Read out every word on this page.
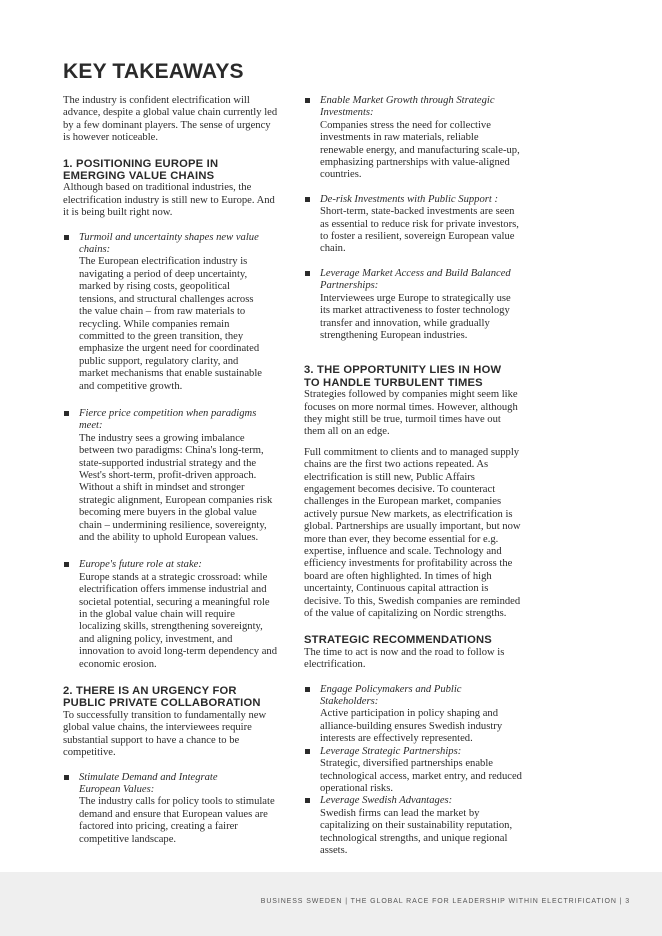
KEY TAKEAWAYS

The industry is confident electrification will advance, despite a global value chain currently led by a few dominant players. The sense of urgency is however noticeable.

1. POSITIONING EUROPE IN
EMERGING VALUE CHAINS

Although based on traditional industries, the electrification industry is still new to Europe. And it is being built right now.

Turmoil and uncertainty shapes new value chains:
The European electrification industry is navigating a period of deep uncertainty, marked by rising costs, geopolitical tensions, and structural challenges across the value chain – from raw materials to recycling. While companies remain committed to the green transition, they emphasize the urgent need for coordinated public support, regulatory clarity, and market mechanisms that enable sustainable and competitive growth.
Fierce price competition when paradigms meet:
The industry sees a growing imbalance between two paradigms: China's long-term, state-supported industrial strategy and the West's short-term, profit-driven approach. Without a shift in mindset and stronger strategic alignment, European companies risk becoming mere buyers in the global value chain – undermining resilience, sovereignty, and the ability to uphold European values.
Europe's future role at stake:
Europe stands at a strategic crossroad: while electrification offers immense industrial and societal potential, securing a meaningful role in the global value chain will require localizing skills, strengthening sovereignty, and aligning policy, investment, and innovation to avoid long-term dependency and economic erosion.
2. THERE IS AN URGENCY FOR
PUBLIC PRIVATE COLLABORATION

To successfully transition to fundamentally new global value chains, the interviewees require substantial support to have a chance to be competitive.

Stimulate Demand and Integrate European Values:
The industry calls for policy tools to stimulate demand and ensure that European values are factored into pricing, creating a fairer competitive landscape.
Enable Market Growth through Strategic Investments:
Companies stress the need for collective investments in raw materials, reliable renewable energy, and manufacturing scale-up, emphasizing partnerships with value-aligned countries.
De-risk Investments with Public Support :
Short-term, state-backed investments are seen as essential to reduce risk for private investors, to foster a resilient, sovereign European value chain.
Leverage Market Access and Build Balanced Partnerships:
Interviewees urge Europe to strategically use its market attractiveness to foster technology transfer and innovation, while gradually strengthening European industries.
3. THE OPPORTUNITY LIES IN HOW
TO HANDLE TURBULENT TIMES

Strategies followed by companies might seem like focuses on more normal times. However, although they might still be true, turmoil times have out them all on an edge.

Full commitment to clients and to managed supply chains are the first two actions repeated. As electrification is still new, Public Affairs engagement becomes decisive. To counteract challenges in the European market, companies actively pursue New markets, as electrification is global. Partnerships are usually important, but now more than ever, they become essential for e.g. expertise, influence and scale. Technology and efficiency investments for profitability across the board are often highlighted. In times of high uncertainty, Continuous capital attraction is decisive. To this, Swedish companies are reminded of the value of capitalizing on Nordic strengths.

STRATEGIC RECOMMENDATIONS

The time to act is now and the road to follow is electrification.

Engage Policymakers and Public Stakeholders:
Active participation in policy shaping and alliance-building ensures Swedish industry interests are effectively represented.
Leverage Strategic Partnerships:
Strategic, diversified partnerships enable technological access, market entry, and reduced operational risks.
Leverage Swedish Advantages:
Swedish firms can lead the market by capitalizing on their sustainability reputation, technological strengths, and unique regional assets.
BUSINESS SWEDEN | THE GLOBAL RACE FOR LEADERSHIP WITHIN ELECTRIFICATION | 3
